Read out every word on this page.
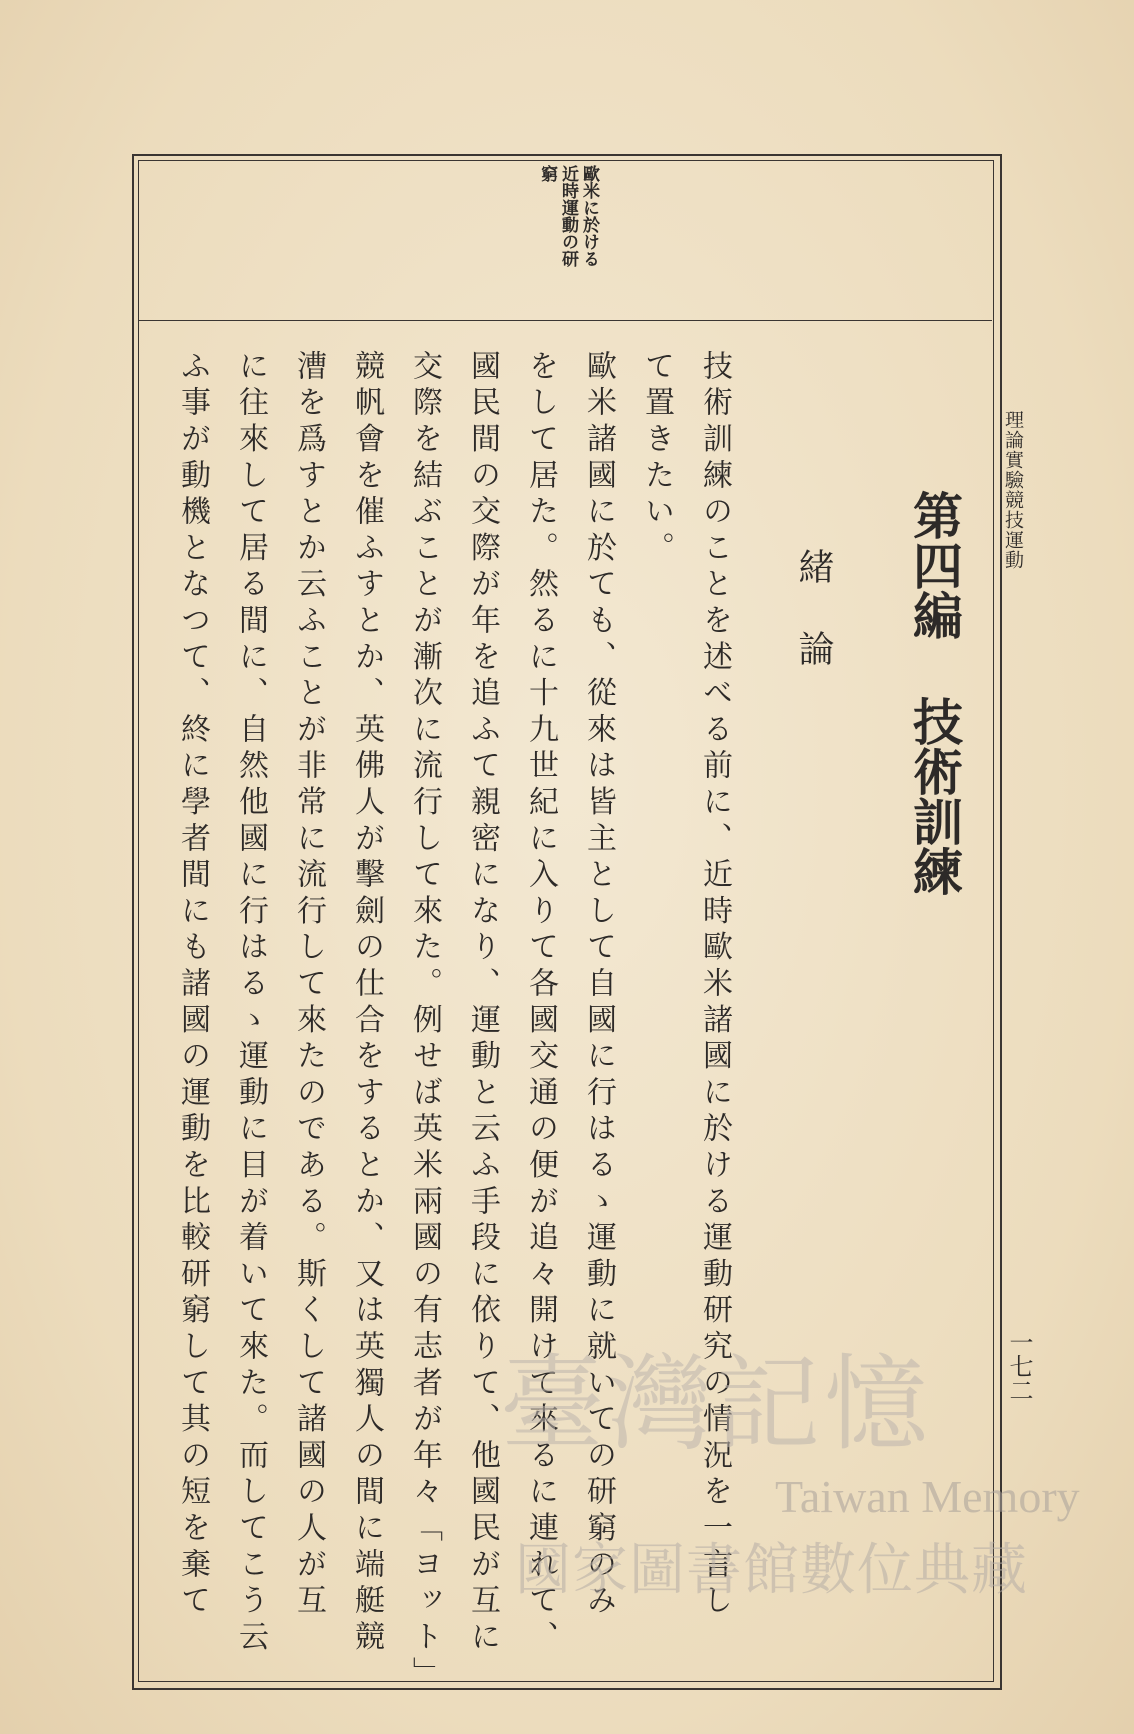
理論實驗競技運動
一七二
歐米に於ける
近時運動の研
窮
第四編技術訓練
緒論
技術訓練のことを述べる前に、近時歐米諸國に於ける運動研究の情況を一言し
て置きたい。
歐米諸國に於ても、從來は皆主として自國に行はるゝ運動に就いての研窮のみ
をして居た。然るに十九世紀に入りて各國交通の便が追々開けて來るに連れて、
國民間の交際が年を追ふて親密になり、運動と云ふ手段に依りて、他國民が互に
交際を結ぶことが漸次に流行して來た。例せば英米兩國の有志者が年々「ヨット」
競帆會を催ふすとか、英佛人が擊劍の仕合をするとか、又は英獨人の間に端艇競
漕を爲すとか云ふことが非常に流行して來たのである。斯くして諸國の人が互
に往來して居る間に、自然他國に行はるゝ運動に目が着いて來た。而してこう云
ふ事が動機となつて、終に學者間にも諸國の運動を比較研窮して其の短を棄て	臺灣記憶
Taiwan Memory
國家圖書館數位典藏
